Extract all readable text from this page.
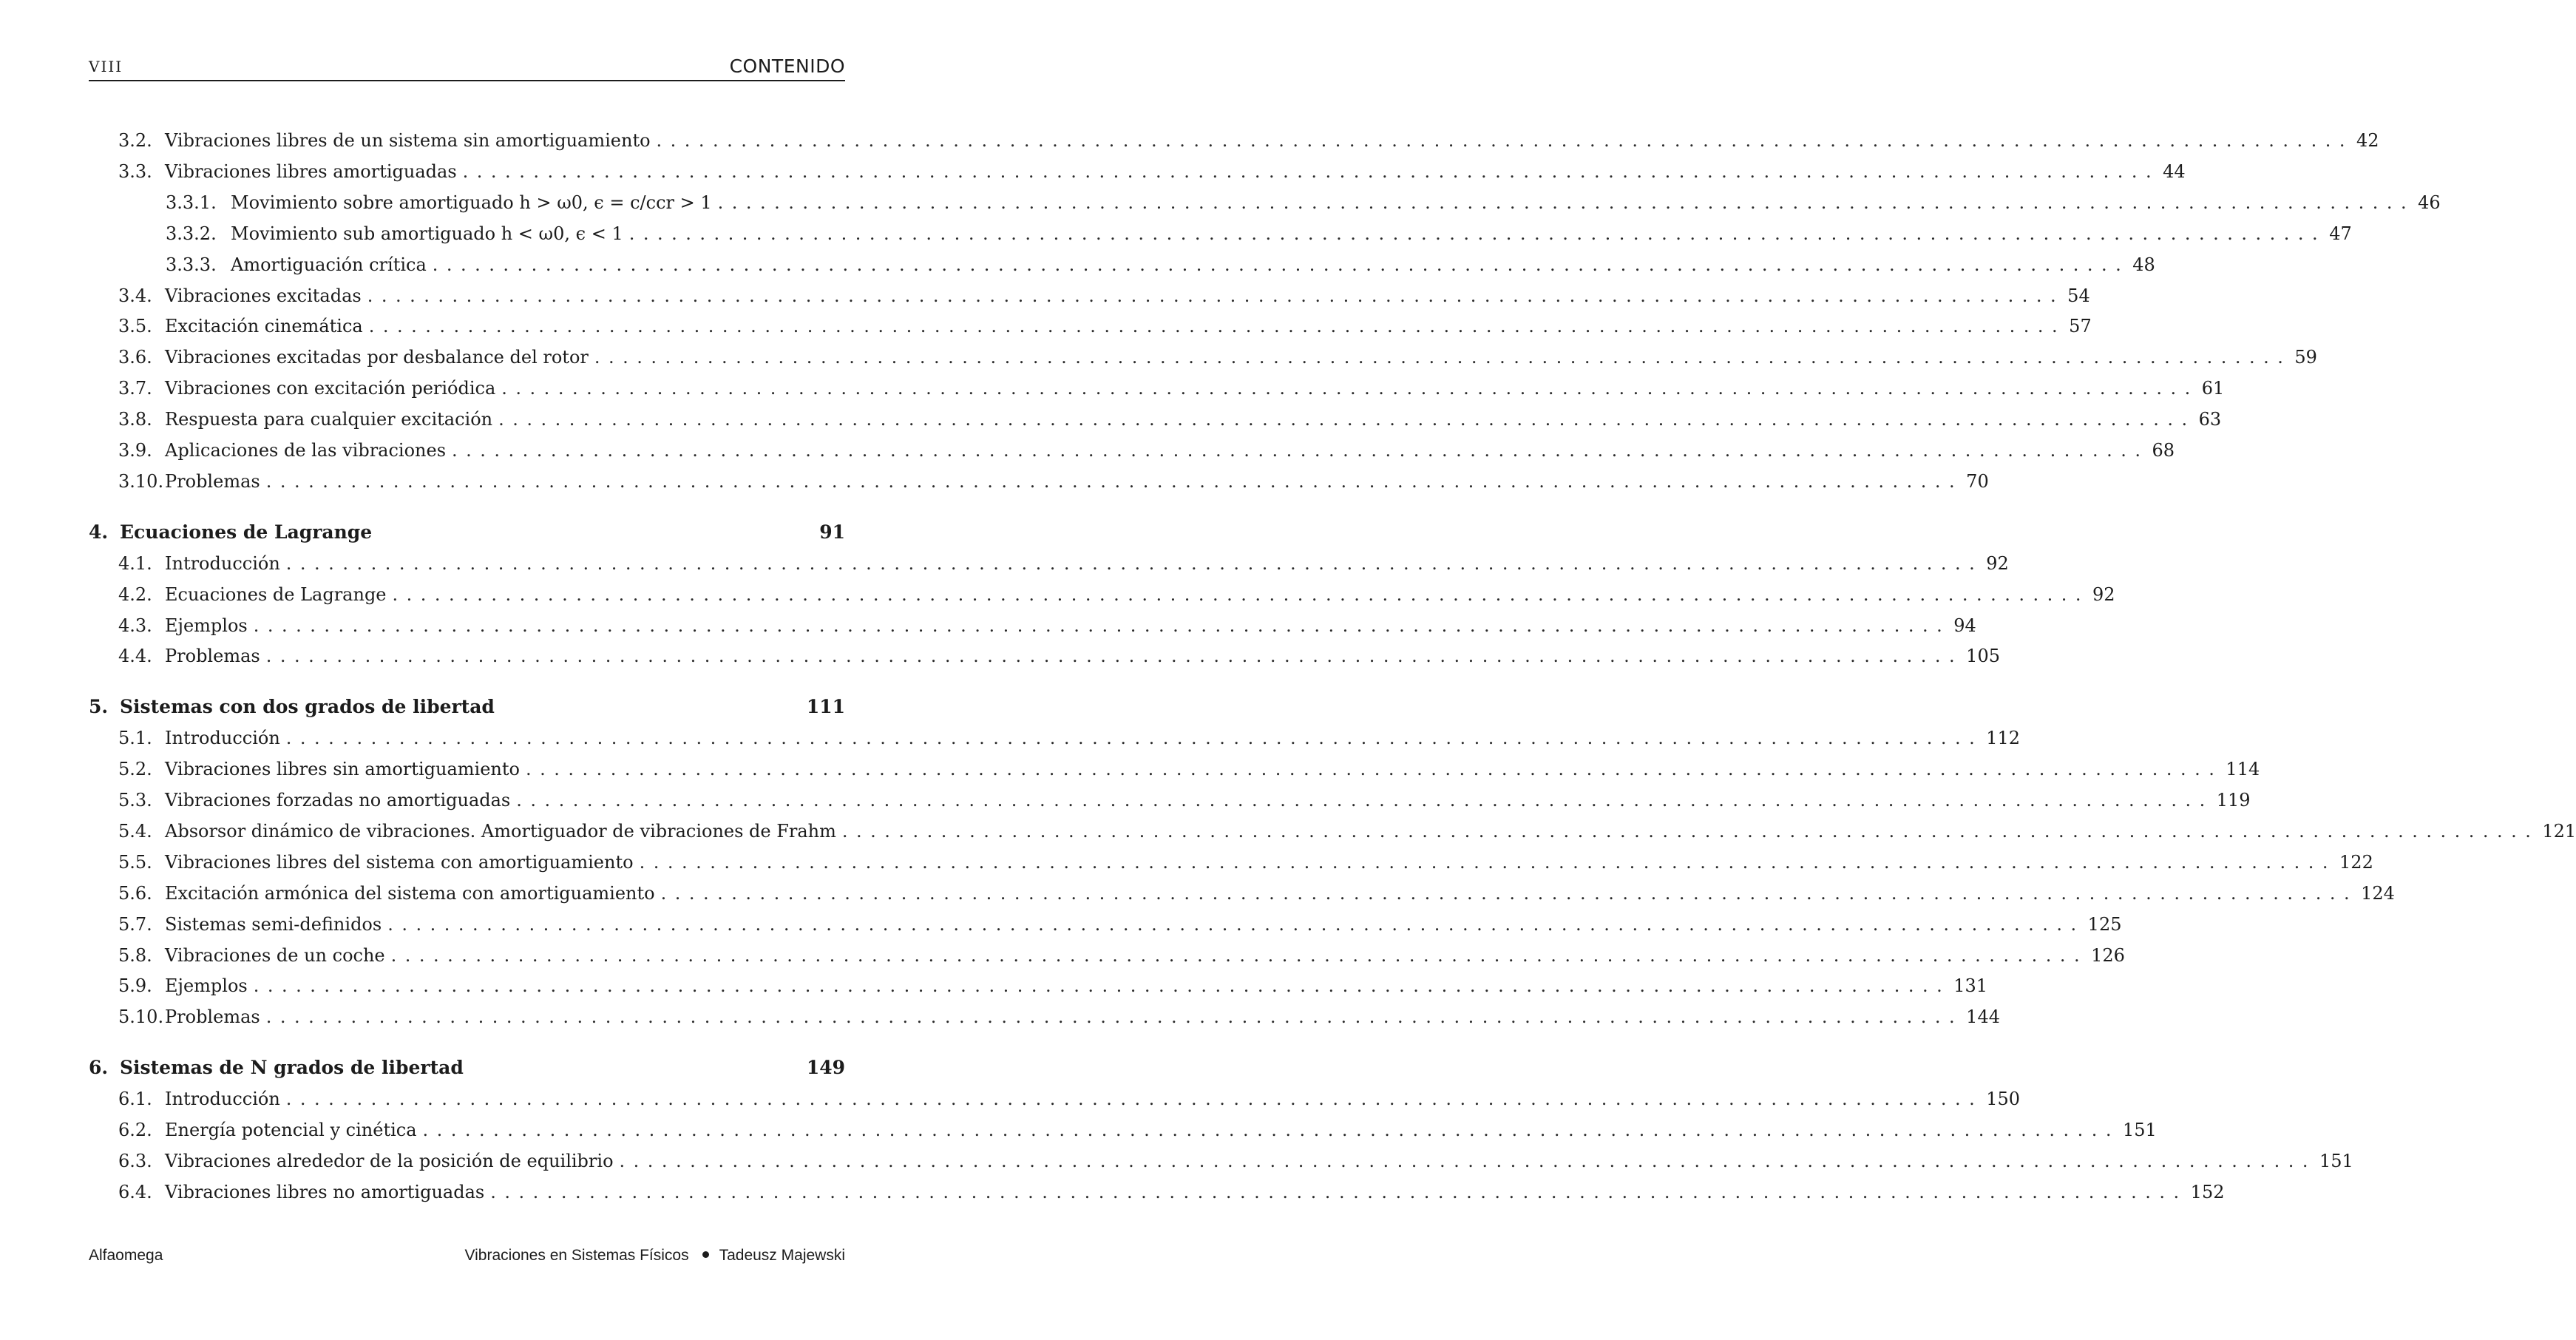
VIII	CONTENIDO
3.2. Vibraciones libres de un sistema sin amortiguamiento ........................................................................................................................ 42
3.3. Vibraciones libres amortiguadas ........................................................................................................................ 44
3.3.1. Movimiento sobre amortiguado h > ω0, ϵ = c/ccr > 1 ........................................................................................................................ 46
3.3.2. Movimiento sub amortiguado h < ω0, ϵ < 1 ........................................................................................................................ 47
3.3.3. Amortiguación crítica ........................................................................................................................ 48
3.4. Vibraciones excitadas ........................................................................................................................ 54
3.5. Excitación cinemática ........................................................................................................................ 57
3.6. Vibraciones excitadas por desbalance del rotor ........................................................................................................................ 59
3.7. Vibraciones con excitación periódica ........................................................................................................................ 61
3.8. Respuesta para cualquier excitación ........................................................................................................................ 63
3.9. Aplicaciones de las vibraciones ........................................................................................................................ 68
3.10. Problemas ........................................................................................................................ 70
4. Ecuaciones de Lagrange	91
4.1. Introducción ........................................................................................................................ 92
4.2. Ecuaciones de Lagrange ........................................................................................................................ 92
4.3. Ejemplos ........................................................................................................................ 94
4.4. Problemas ........................................................................................................................ 105
5. Sistemas con dos grados de libertad	111
5.1. Introducción ........................................................................................................................ 112
5.2. Vibraciones libres sin amortiguamiento ........................................................................................................................ 114
5.3. Vibraciones forzadas no amortiguadas ........................................................................................................................ 119
5.4. Absorsor dinámico de vibraciones. Amortiguador de vibraciones de Frahm ........................................................................................................................ 121
5.5. Vibraciones libres del sistema con amortiguamiento ........................................................................................................................ 122
5.6. Excitación armónica del sistema con amortiguamiento ........................................................................................................................ 124
5.7. Sistemas semi-definidos ........................................................................................................................ 125
5.8. Vibraciones de un coche ........................................................................................................................ 126
5.9. Ejemplos ........................................................................................................................ 131
5.10. Problemas ........................................................................................................................ 144
6. Sistemas de N grados de libertad	149
6.1. Introducción ........................................................................................................................ 150
6.2. Energía potencial y cinética ........................................................................................................................ 151
6.3. Vibraciones alrededor de la posición de equilibrio ........................................................................................................................ 151
6.4. Vibraciones libres no amortiguadas ........................................................................................................................ 152
Alfaomega	Vibraciones en Sistemas Físicos Tadeusz Majewski
